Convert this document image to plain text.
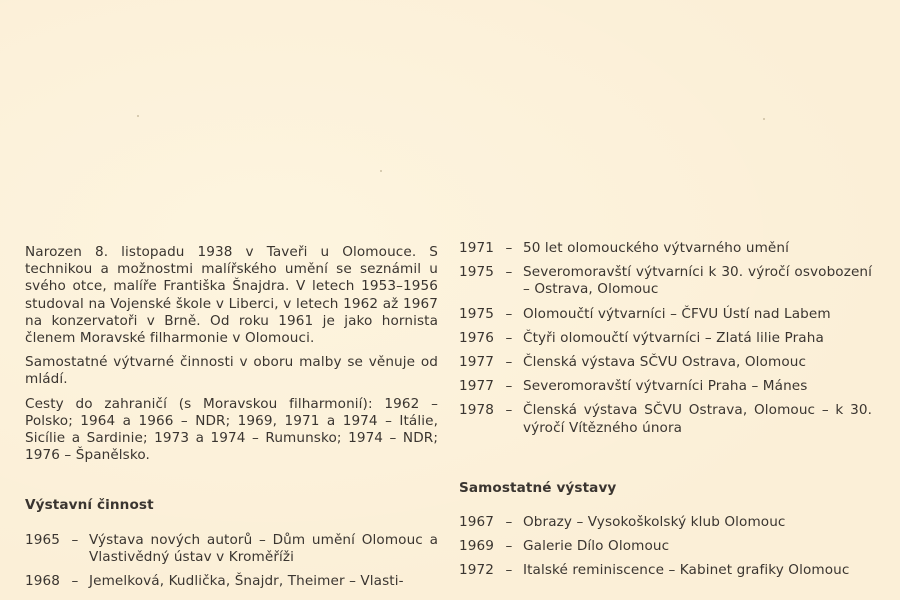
Narozen 8. listopadu 1938 v Taveři u Olomouce. S technikou a možnostmi malířského umění se seznámil u svého otce, malíře Františka Šnajdra. V letech 1953–1956 studoval na Vojenské škole v Liberci, v letech 1962 až 1967 na konzervatoři v Brně. Od roku 1961 je jako hornista členem Moravské filharmonie v Olomouci.

Samostatné výtvarné činnosti v oboru malby se věnuje od mládí.

Cesty do zahraničí (s Moravskou filharmonií): 1962 – Polsko; 1964 a 1966 – NDR; 1969, 1971 a 1974 – Itálie, Sicílie a Sardinie; 1973 a 1974 – Rumunsko; 1974 – NDR; 1976 – Španělsko.

Výstavní činnost
1965 – Výstava nových autorů – Dům umění Olomouc a Vlastivědný ústav v Kroměříži
1968 – Jemelková, Kudlička, Šnajdr, Theimer – Vlasti-
1971 – 50 let olomouckého výtvarného umění
1975 – Severomoravští výtvarníci k 30. výročí osvobození – Ostrava, Olomouc
1975 – Olomoučtí výtvarníci – ČFVU Ústí nad Labem
1976 – Čtyři olomoučtí výtvarníci – Zlatá lilie Praha
1977 – Členská výstava SČVU Ostrava, Olomouc
1977 – Severomoravští výtvarníci Praha – Mánes
1978 – Členská výstava SČVU Ostrava, Olomouc – k 30. výročí Vítězného února
Samostatné výstavy
1967 – Obrazy – Vysokoškolský klub Olomouc
1969 – Galerie Dílo Olomouc
1972 – Italské reminiscence – Kabinet grafiky Olomouc
